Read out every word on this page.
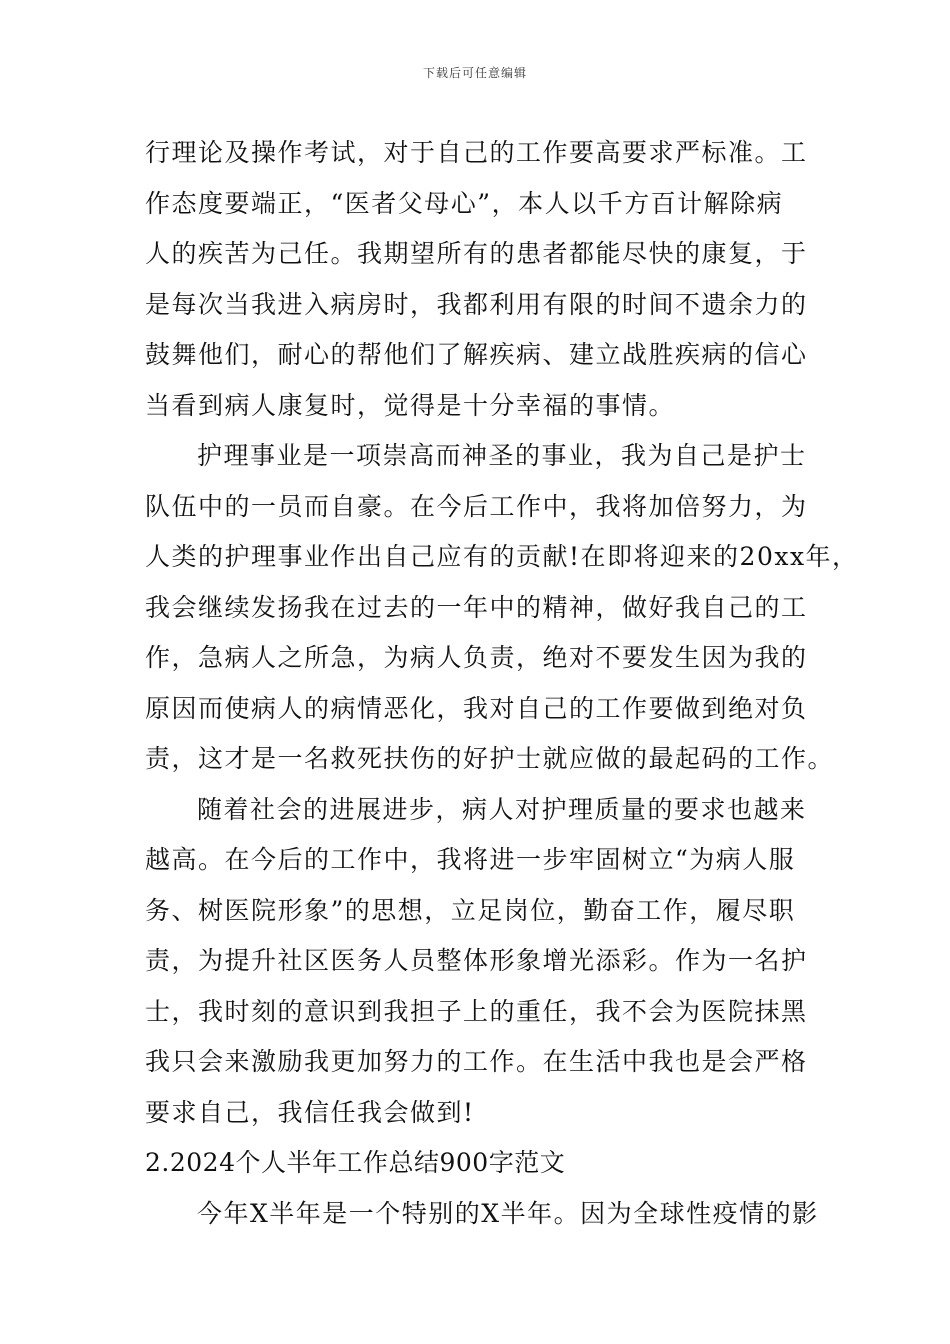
下载后可任意编辑
行理论及操作考试，对于自己的工作要高要求严标准。工
作态度要端正，“医者父母心”，本人以千方百计解除病
人的疾苦为己任。我期望所有的患者都能尽快的康复，于
是每次当我进入病房时，我都利用有限的时间不遗余力的
鼓舞他们，耐心的帮他们了解疾病、建立战胜疾病的信心
当看到病人康复时，觉得是十分幸福的事情。
护理事业是一项崇高而神圣的事业，我为自己是护士
队伍中的一员而自豪。在今后工作中，我将加倍努力，为
人类的护理事业作出自己应有的贡献!在即将迎来的20xx年，
我会继续发扬我在过去的一年中的精神，做好我自己的工
作，急病人之所急，为病人负责，绝对不要发生因为我的
原因而使病人的病情恶化，我对自己的工作要做到绝对负
责，这才是一名救死扶伤的好护士就应做的最起码的工作。
随着社会的进展进步，病人对护理质量的要求也越来
越高。在今后的工作中，我将进一步牢固树立“为病人服
务、树医院形象”的思想，立足岗位，勤奋工作，履尽职
责，为提升社区医务人员整体形象增光添彩。作为一名护
士，我时刻的意识到我担子上的重任，我不会为医院抹黑
我只会来激励我更加努力的工作。在生活中我也是会严格
要求自己，我信任我会做到!
2.2024个人半年工作总结900字范文
今年X半年是一个特别的X半年。因为全球性疫情的影
